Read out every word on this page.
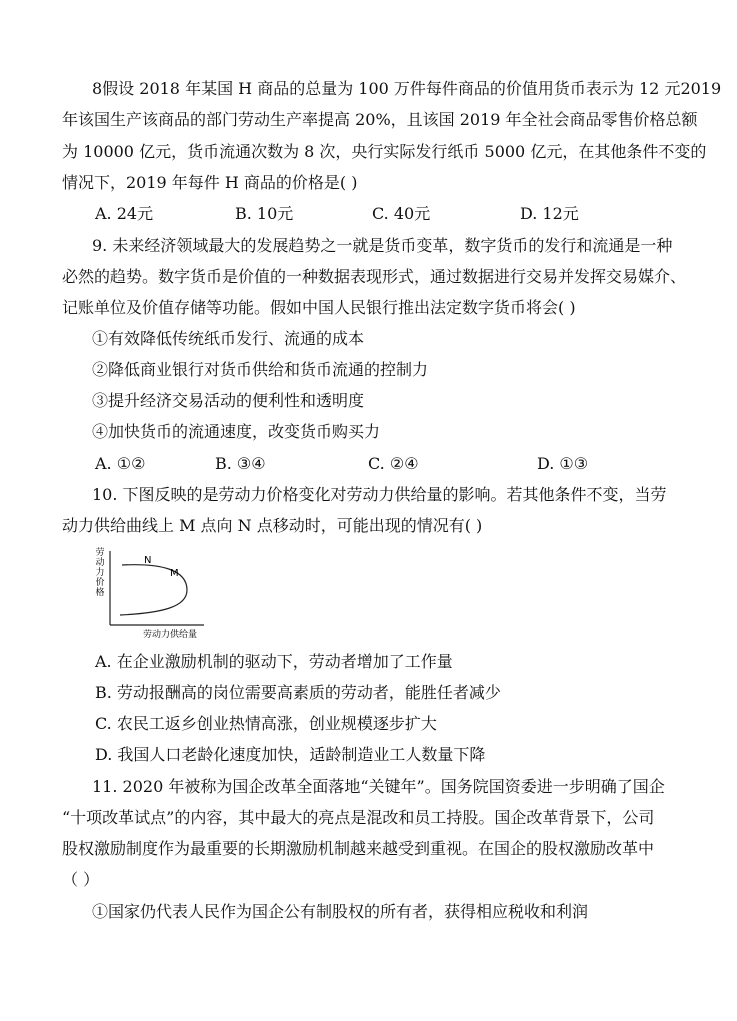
8假设 2018 年某国 H 商品的总量为 100 万件每件商品的价值用货币表示为 12 元2019
年该国生产该商品的部门劳动生产率提高 20%，且该国 2019 年全社会商品零售价格总额
为 10000 亿元，货币流通次数为 8 次，央行实际发行纸币 5000 亿元，在其他条件不变的
情况下，2019 年每件 H 商品的价格是( )
A. 24元	B. 10元	C. 40元	D. 12元
9. 未来经济领域最大的发展趋势之一就是货币变革，数字货币的发行和流通是一种
必然的趋势。数字货币是价值的一种数据表现形式，通过数据进行交易并发挥交易媒介、
记账单位及价值存储等功能。假如中国人民银行推出法定数字货币将会( )
①有效降低传统纸币发行、流通的成本
②降低商业银行对货币供给和货币流通的控制力
③提升经济交易活动的便利性和透明度
④加快货币的流通速度，改变货币购买力
A. ①②	B. ③④	C. ②④	D. ①③
10. 下图反映的是劳动力价格变化对劳动力供给量的影响。若其他条件不变，当劳
动力供给曲线上 M 点向 N 点移动时，可能出现的情况有( )
劳
动
力
价
格
N
M
劳动力供给量
A. 在企业激励机制的驱动下，劳动者增加了工作量
B. 劳动报酬高的岗位需要高素质的劳动者，能胜任者减少
C. 农民工返乡创业热情高涨，创业规模逐步扩大
D. 我国人口老龄化速度加快，适龄制造业工人数量下降
11. 2020 年被称为国企改革全面落地“关键年”。国务院国资委进一步明确了国企
“十项改革试点”的内容，其中最大的亮点是混改和员工持股。国企改革背景下，公司
股权激励制度作为最重要的长期激励机制越来越受到重视。在国企的股权激励改革中
（ ）
①国家仍代表人民作为国企公有制股权的所有者，获得相应税收和利润
